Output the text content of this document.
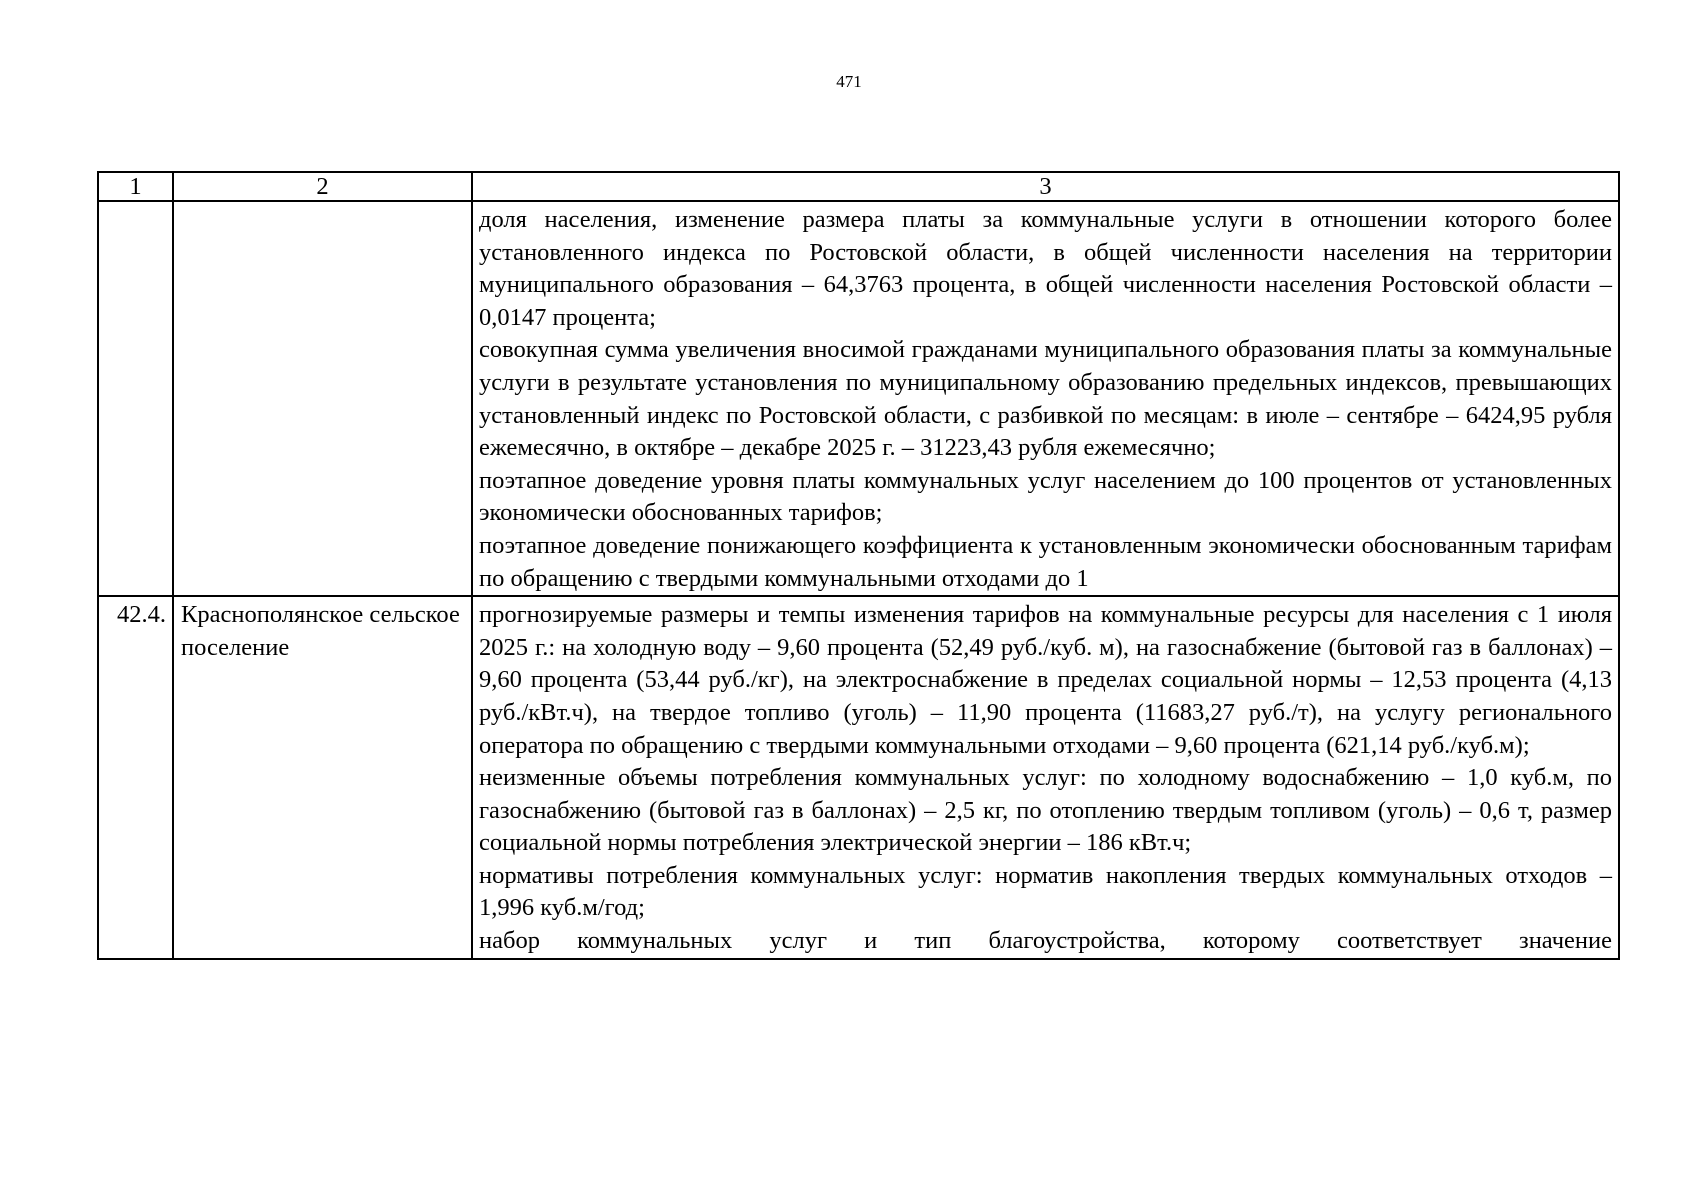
471
1	2	3

		доля населения, изменение размера платы за коммунальные услуги в отношении которого более установленного индекса по Ростовской области, в общей численности населения на территории муниципального образования – 64,3763 процента, в общей численности населения Ростовской области – 0,0147 процента;
совокупная сумма увеличения вносимой гражданами муниципального образования платы за коммунальные услуги в результате установления по муниципальному образованию предельных индексов, превышающих установленный индекс по Ростовской области, с разбивкой по месяцам: в июле – сентябре – 6424,95 рубля ежемесячно, в октябре – декабре 2025 г. – 31223,43 рубля ежемесячно;
поэтапное доведение уровня платы коммунальных услуг населением до 100 процентов от установленных экономически обоснованных тарифов;
поэтапное доведение понижающего коэффициента к установленным экономически обоснованным тарифам по обращению с твердыми коммунальными отходами до 1

42.4.	Краснополянское сельское поселение	прогнозируемые размеры и темпы изменения тарифов на коммунальные ресурсы для населения с 1 июля 2025 г.: на холодную воду – 9,60 процента (52,49 руб./куб. м), на газоснабжение (бытовой газ в баллонах) – 9,60 процента (53,44 руб./кг), на электроснабжение в пределах социальной нормы – 12,53 процента (4,13 руб./кВт.ч), на твердое топливо (уголь) – 11,90 процента (11683,27 руб./т), на услугу регионального оператора по обращению с твердыми коммунальными отходами – 9,60 процента (621,14 руб./куб.м);
неизменные объемы потребления коммунальных услуг: по холодному водоснабжению – 1,0 куб.м, по газоснабжению (бытовой газ в баллонах) – 2,5 кг, по отоплению твердым топливом (уголь) – 0,6 т, размер социальной нормы потребления электрической энергии – 186 кВт.ч;
нормативы потребления коммунальных услуг: норматив накопления твердых коммунальных отходов – 1,996 куб.м/год;
набор коммунальных услуг и тип благоустройства, которому соответствует значение
